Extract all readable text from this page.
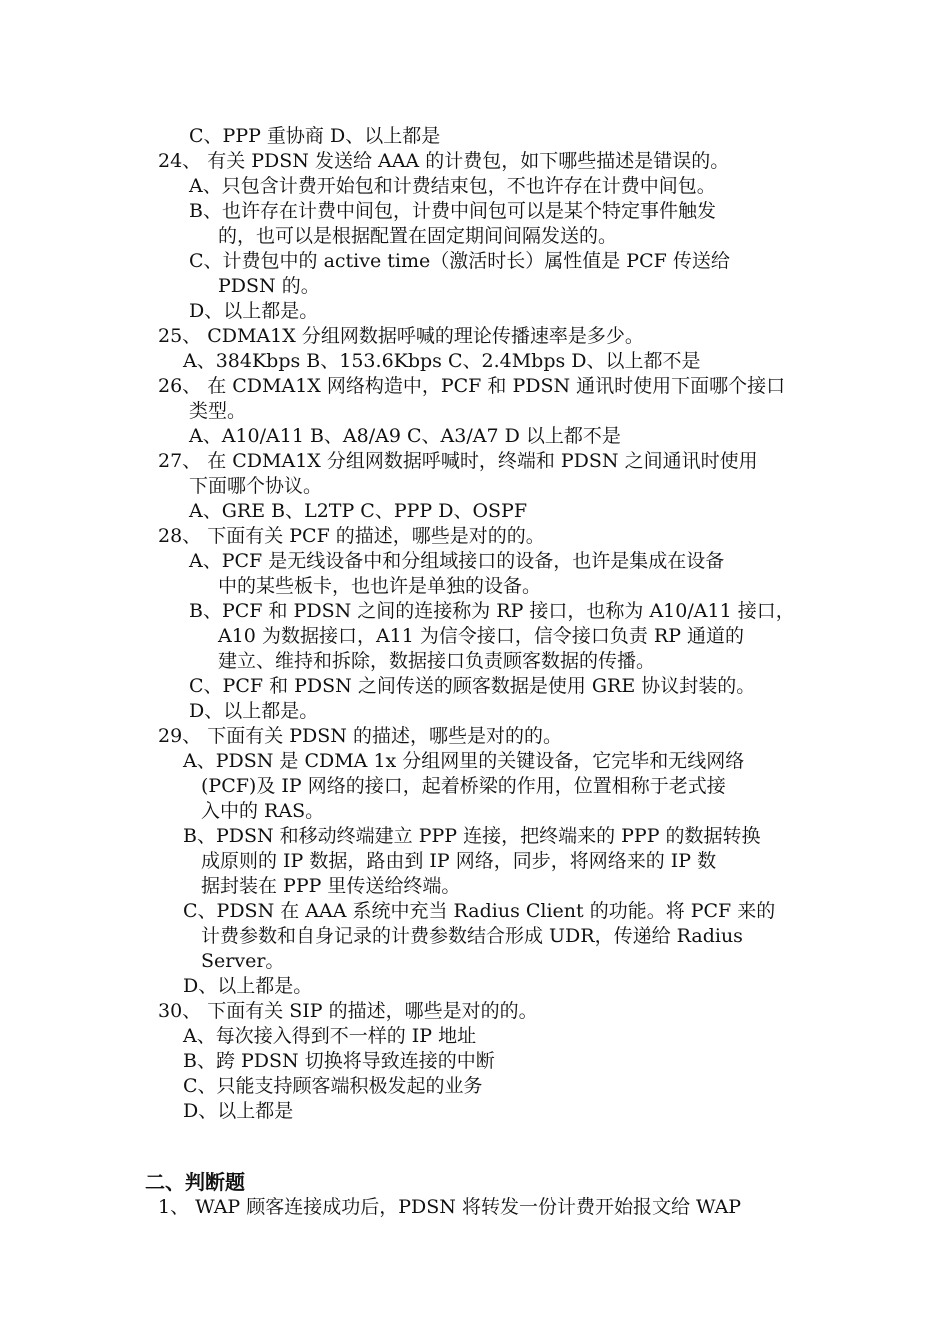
C、PPP 重协商 D、以上都是
24、 有关 PDSN 发送给 AAA 的计费包，如下哪些描述是错误的。
A、只包含计费开始包和计费结束包，不也许存在计费中间包。
B、也许存在计费中间包，计费中间包可以是某个特定事件触发
的，也可以是根据配置在固定期间间隔发送的。
C、计费包中的 active time（激活时长）属性值是 PCF 传送给
PDSN 的。
D、以上都是。
25、 CDMA1X 分组网数据呼喊的理论传播速率是多少。
A、384Kbps B、153.6Kbps C、2.4Mbps D、以上都不是
26、 在 CDMA1X 网络构造中，PCF 和 PDSN 通讯时使用下面哪个接口
类型。
A、A10/A11 B、A8/A9 C、A3/A7 D 以上都不是
27、 在 CDMA1X 分组网数据呼喊时，终端和 PDSN 之间通讯时使用
下面哪个协议。
A、GRE B、L2TP C、PPP D、OSPF
28、 下面有关 PCF 的描述，哪些是对的的。
A、PCF 是无线设备中和分组域接口的设备，也许是集成在设备
中的某些板卡，也也许是单独的设备。
B、PCF 和 PDSN 之间的连接称为 RP 接口，也称为 A10/A11 接口，
A10 为数据接口，A11 为信令接口，信令接口负责 RP 通道的
建立、维持和拆除，数据接口负责顾客数据的传播。
C、PCF 和 PDSN 之间传送的顾客数据是使用 GRE 协议封装的。
D、以上都是。
29、 下面有关 PDSN 的描述，哪些是对的的。
A、PDSN 是 CDMA 1x 分组网里的关键设备，它完毕和无线网络
(PCF)及 IP 网络的接口，起着桥梁的作用，位置相称于老式接
入中的 RAS。
B、PDSN 和移动终端建立 PPP 连接，把终端来的 PPP 的数据转换
成原则的 IP 数据，路由到 IP 网络，同步，将网络来的 IP 数
据封装在 PPP 里传送给终端。
C、PDSN 在 AAA 系统中充当 Radius Client 的功能。将 PCF 来的
计费参数和自身记录的计费参数结合形成 UDR，传递给 Radius
Server。
D、以上都是。
30、 下面有关 SIP 的描述，哪些是对的的。
A、每次接入得到不一样的 IP 地址
B、跨 PDSN 切换将导致连接的中断
C、只能支持顾客端积极发起的业务
D、以上都是
二、判断题
1、 WAP 顾客连接成功后，PDSN 将转发一份计费开始报文给 WAP
